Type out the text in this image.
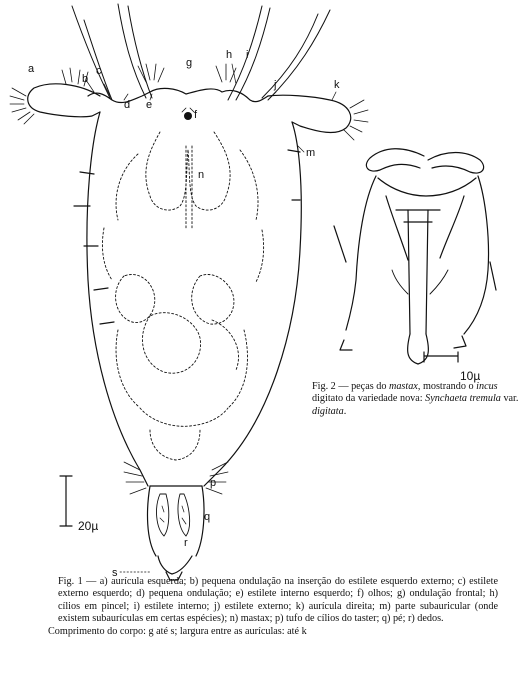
a
b
c
d e
f
g
h i
j	k
m
n
p
q
r
s
20µ
10µ
Fig. 2 — peças do mastax, mostrando o incus digitato da variedade nova: Synchaeta tremula var. digitata.
Fig. 1 — a) aurícula esquerda; b) pequena ondulação na inserção do estilete esquerdo externo; c) estilete externo esquerdo; d) pequena ondulação; e) estilete interno esquerdo; f) olhos; g) ondulação frontal; h) cílios em pincel; i) estilete interno; j) estilete externo; k) aurícula direita; m) parte subauricular (onde existem subaurículas em certas espécies); n) mastax; p) tufo de cílios do taster; q) pé; r) dedos.
Comprimento do corpo: g até s; largura entre as aurículas: até k
